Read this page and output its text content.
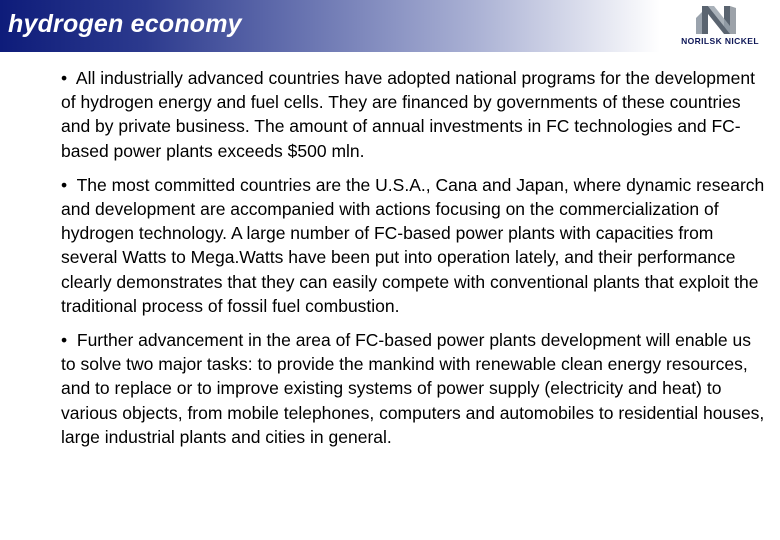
hydrogen economy
NORILSK NICKEL

• All industrially advanced countries have adopted national programs for the development of hydrogen energy and fuel cells. They are financed by governments of these countries and by private business. The amount of annual investments in FC technologies and FC-based power plants exceeds $500 mln.

• The most committed countries are the U.S.A., Cana and Japan, where dynamic research and development are accompanied with actions focusing on the commercialization of hydrogen technology. A large number of FC-based power plants with capacities from several Watts to Mega.Watts have been put into operation lately, and their performance clearly demonstrates that they can easily compete with conventional plants that exploit the traditional process of fossil fuel combustion.

• Further advancement in the area of FC-based power plants development will enable us to solve two major tasks: to provide the mankind with renewable clean energy resources, and to replace or to improve existing systems of power supply (electricity and heat) to various objects, from mobile telephones, computers and automobiles to residential houses, large industrial plants and cities in general.
